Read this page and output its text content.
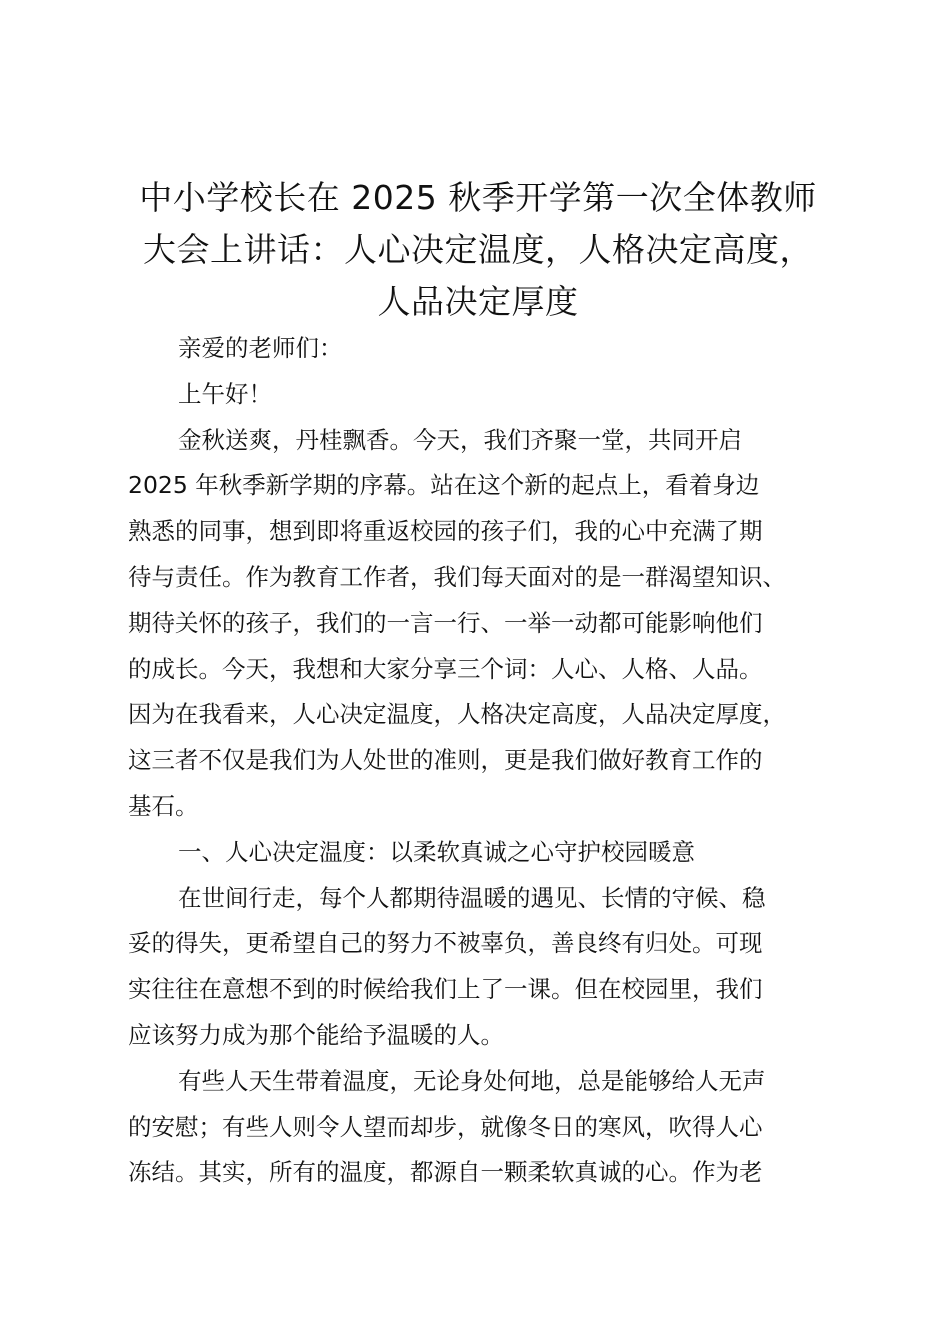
中小学校长在 2025 秋季开学第一次全体教师
大会上讲话：人心决定温度，人格决定高度，
人品决定厚度
亲爱的老师们：
上午好！
金秋送爽，丹桂飘香。今天，我们齐聚一堂，共同开启
2025 年秋季新学期的序幕。站在这个新的起点上，看着身边
熟悉的同事，想到即将重返校园的孩子们，我的心中充满了期
待与责任。作为教育工作者，我们每天面对的是一群渴望知识、
期待关怀的孩子，我们的一言一行、一举一动都可能影响他们
的成长。今天，我想和大家分享三个词：人心、人格、人品。
因为在我看来，人心决定温度，人格决定高度，人品决定厚度，
这三者不仅是我们为人处世的准则，更是我们做好教育工作的
基石。
一、人心决定温度：以柔软真诚之心守护校园暖意
在世间行走，每个人都期待温暖的遇见、长情的守候、稳
妥的得失，更希望自己的努力不被辜负，善良终有归处。可现
实往往在意想不到的时候给我们上了一课。但在校园里，我们
应该努力成为那个能给予温暖的人。
有些人天生带着温度，无论身处何地，总是能够给人无声
的安慰；有些人则令人望而却步，就像冬日的寒风，吹得人心
冻结。其实，所有的温度，都源自一颗柔软真诚的心。作为老
